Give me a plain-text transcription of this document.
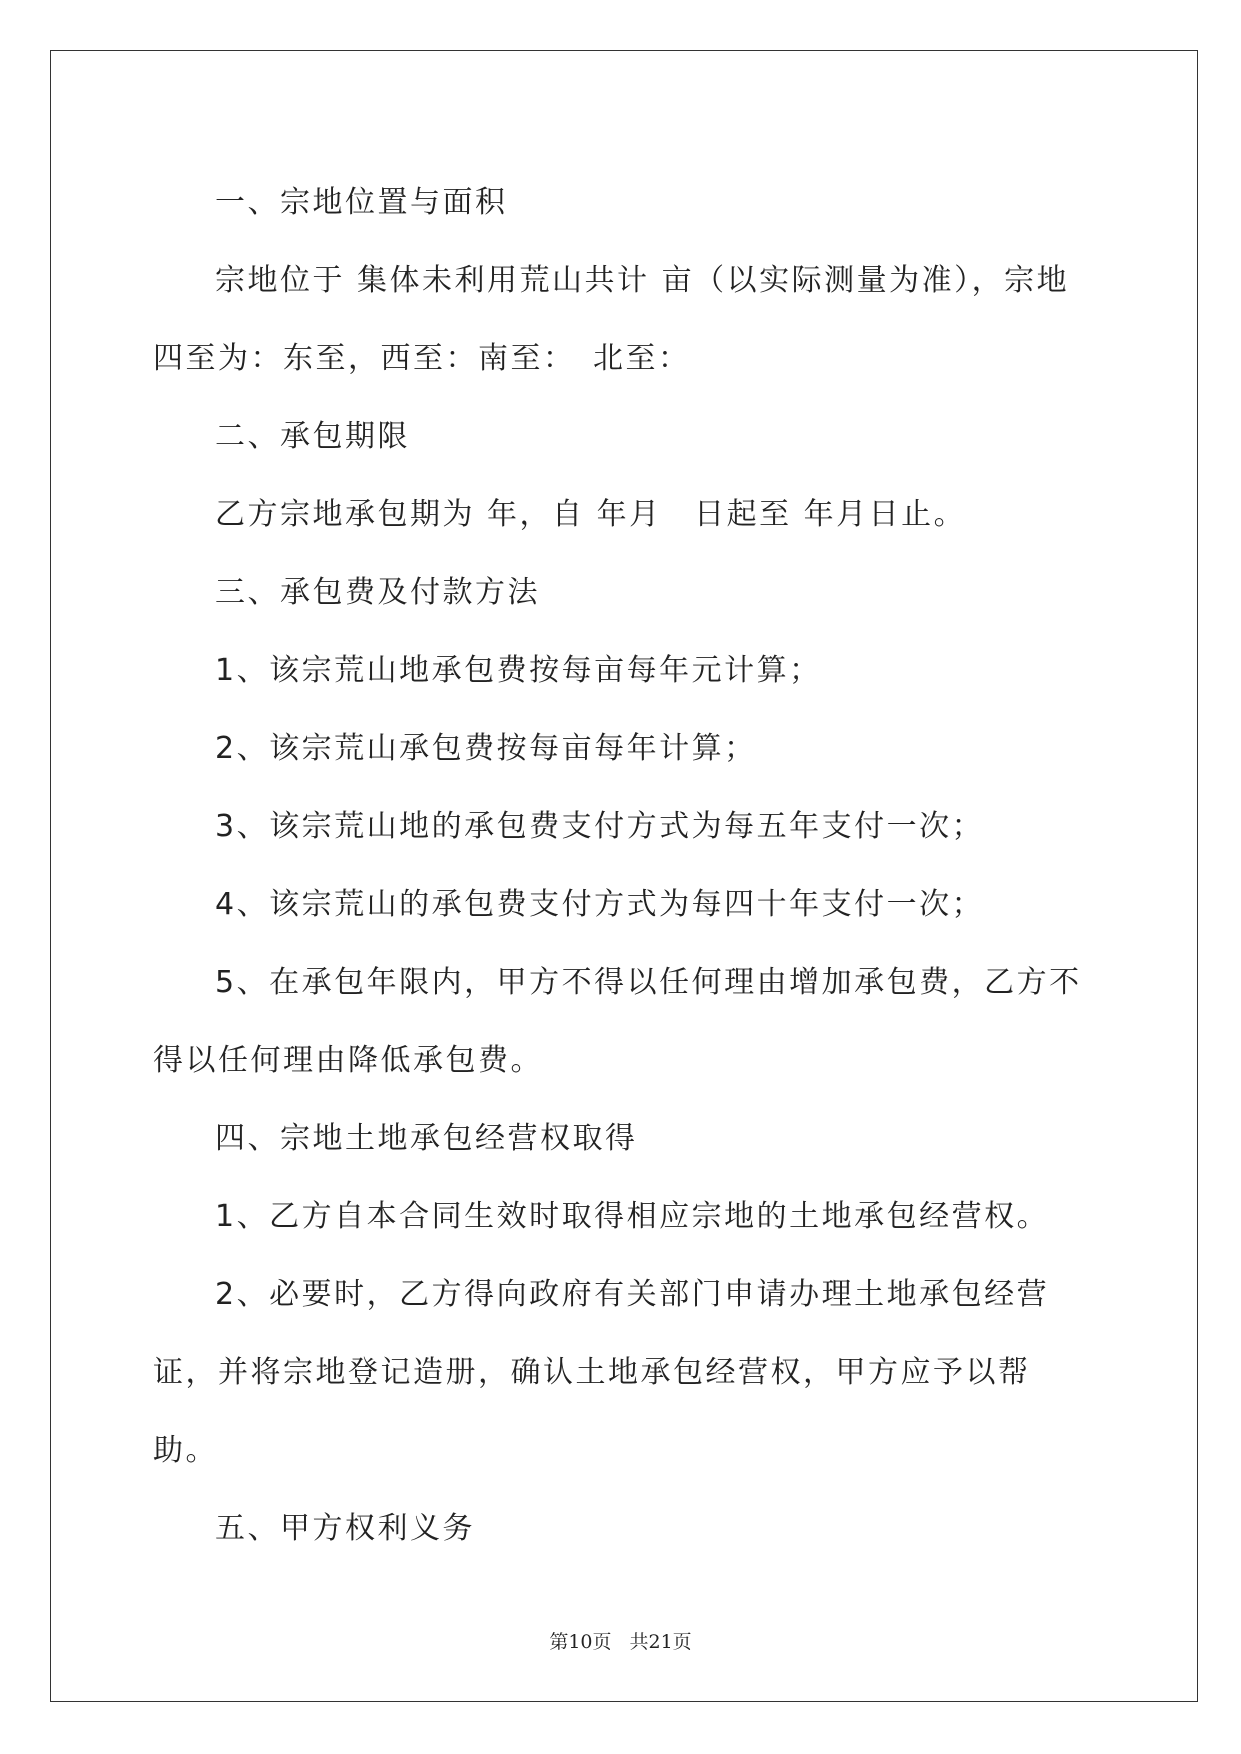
一、宗地位置与面积

宗地位于 集体未利用荒山共计 亩（以实际测量为准），宗地四至为：东至，西至：南至：　北至：

二、承包期限

乙方宗地承包期为 年，自 年月　日起至 年月日止。

三、承包费及付款方法

1、该宗荒山地承包费按每亩每年元计算；

2、该宗荒山承包费按每亩每年计算；

3、该宗荒山地的承包费支付方式为每五年支付一次；

4、该宗荒山的承包费支付方式为每四十年支付一次；

5、在承包年限内，甲方不得以任何理由增加承包费，乙方不得以任何理由降低承包费。

四、宗地土地承包经营权取得

1、乙方自本合同生效时取得相应宗地的土地承包经营权。

2、必要时，乙方得向政府有关部门申请办理土地承包经营证，并将宗地登记造册，确认土地承包经营权，甲方应予以帮助。

五、甲方权利义务

第10页 共21页
